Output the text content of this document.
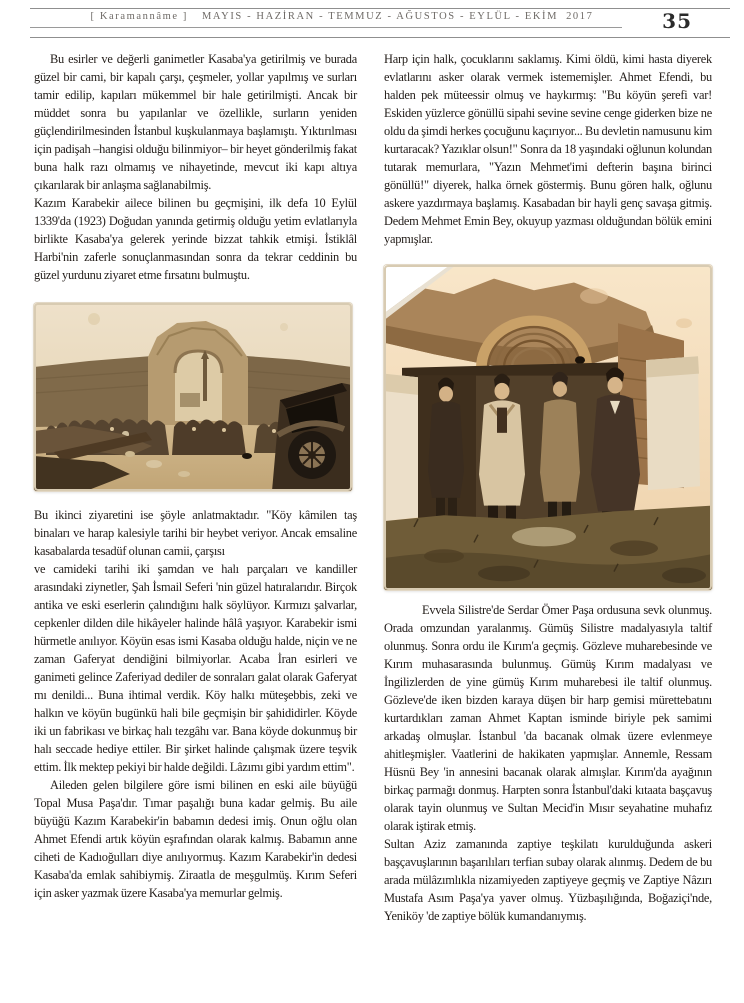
[ Karamannâme ] MAYIS - HAZİRAN - TEMMUZ - AĞUSTOS - EYLÜL - EKİM 2017	35

Bu esirler ve değerli ganimetler Kasaba'ya getirilmiş ve burada güzel bir cami, bir kapalı çarşı, çeşmeler, yollar yapılmış ve surları tamir edilip, kapıları mükemmel bir hale getirilmişti. Ancak bir müddet sonra bu yapılanlar ve özellikle, surların yeniden güçlendirilmesinden İstanbul kuşkulanmaya başlamıştı. Yıktırılması için padişah –hangisi olduğu bilinmiyor– bir heyet gönderilmiş fakat buna halk razı olmamış ve nihayetinde, mevcut iki kapı altıya çıkarılarak bir anlaşma sağlanabilmiş.

Kazım Karabekir ailece bilinen bu geçmişini, ilk defa 10 Eylül 1339'da (1923) Doğudan yanında getirmiş olduğu yetim evlatlarıyla birlikte Kasaba'ya gelerek yerinde bizzat tahkik etmişi. İstiklâl Harbi'nin zaferle sonuçlanmasından sonra da tekrar ceddinin bu güzel yurdunu ziyaret etme fırsatını bulmuştu.

Bu ikinci ziyaretini ise şöyle anlatmaktadır. "Köy kâmilen taş binaları ve harap kalesiyle tarihi bir heybet veriyor. Ancak emsaline kasabalarda tesadüf olunan camii, çarşısı
ve camideki tarihi iki şamdan ve halı parçaları ve kandiller arasındaki ziynetler, Şah İsmail Seferi 'nin güzel hatıralarıdır. Birçok antika ve eski eserlerin çalındığını halk söylüyor. Kırmızı şalvarlar, cepkenler dilden dile hikâyeler halinde hâlâ yaşıyor. Karabekir ismi hürmetle anılıyor. Köyün esas ismi Kasaba olduğu halde, niçin ve ne zaman Gaferyat dendiğini bilmiyorlar. Acaba İran esirleri ve ganimeti gelince Zaferiyad dediler de sonraları galat olarak Gaferyat mı denildi... Buna ihtimal verdik. Köy halkı müteşebbis, zeki ve halkın ve köyün bugünkü hali bile geçmişin bir şahididirler. Köyde iki un fabrikası ve birkaç halı tezgâhı var. Bana köyde dokunmuş bir halı seccade hediye ettiler. Bir şirket halinde çalışmak üzere teşvik ettim. İlk mektep pekiyi bir halde değildi. Lâzımı gibi yardım ettim".

Aileden gelen bilgilere göre ismi bilinen en eski aile büyüğü Topal Musa Paşa'dır. Tımar paşalığı buna kadar gelmiş. Bu aile büyüğü Kazım Karabekir'in babamın dedesi imiş. Onun oğlu olan Ahmet Efendi artık köyün eşrafından olarak kalmış. Babamın anne ciheti de Kadıoğulları diye anılıyormuş. Kazım Karabekir'in dedesi Kasaba'da emlak sahibiymiş. Ziraatla de meşgulmüş. Kırım Seferi için asker yazmak üzere Kasaba'ya memurlar gelmiş.

Harp için halk, çocuklarını saklamış. Kimi öldü, kimi hasta diyerek evlatlarını asker olarak vermek istememişler. Ahmet Efendi, bu halden pek müteessir olmuş ve haykırmış: "Bu köyün şerefi var! Eskiden yüzlerce gönüllü sipahi sevine sevine cenge giderken bize ne oldu da şimdi herkes çocuğunu kaçırıyor... Bu devletin namusunu kim kurtaracak? Yazıklar olsun!" Sonra da 18 yaşındaki oğlunun kolundan tutarak memurlara, "Yazın Mehmet'imi defterin başına birinci gönüllü!" diyerek, halka örnek göstermiş. Bunu gören halk, oğlunu askere yazdırmaya başlamış. Kasabadan bir hayli genç savaşa gitmiş. Dedem Mehmet Emin Bey, okuyup yazması olduğundan bölük emini yapmışlar.

Evvela Silistre'de Serdar Ömer Paşa ordusuna sevk olunmuş. Orada omzundan yaralanmış. Gümüş Silistre madalyasıyla taltif olunmuş. Sonra ordu ile Kırım'a geçmiş. Gözleve muharebesinde ve Kırım muhasarasında bulunmuş. Gümüş Kırım madalyası ve İngilizlerden de yine gümüş Kırım muharebesi ile taltif olunmuş. Gözleve'de iken bizden karaya düşen bir harp gemisi mürettebatını kurtardıkları zaman Ahmet Kaptan isminde biriyle pek samimi arkadaş olmuşlar. İstanbul 'da bacanak olmak üzere evlenmeye ahitleşmişler. Vaatlerini de hakikaten yapmışlar. Annemle, Ressam Hüsnü Bey 'in annesini bacanak olarak almışlar. Kırım'da ayağının birkaç parmağı donmuş. Harpten sonra İstanbul'daki kıtaata başçavuş olarak tayin olunmuş ve Sultan Mecid'in Mısır seyahatine muhafız olarak iştirak etmiş.

Sultan Aziz zamanında zaptiye teşkilatı kurulduğunda askeri başçavuşlarının başarılıları terfian subay olarak alınmış. Dedem de bu arada mülâzımlıkla nizamiyeden zaptiyeye geçmiş ve Zaptiye Nâzırı Mustafa Asım Paşa'ya yaver olmuş. Yüzbaşılığında, Boğaziçi'nde, Yeniköy 'de zaptiye bölük kumandanıymış.
